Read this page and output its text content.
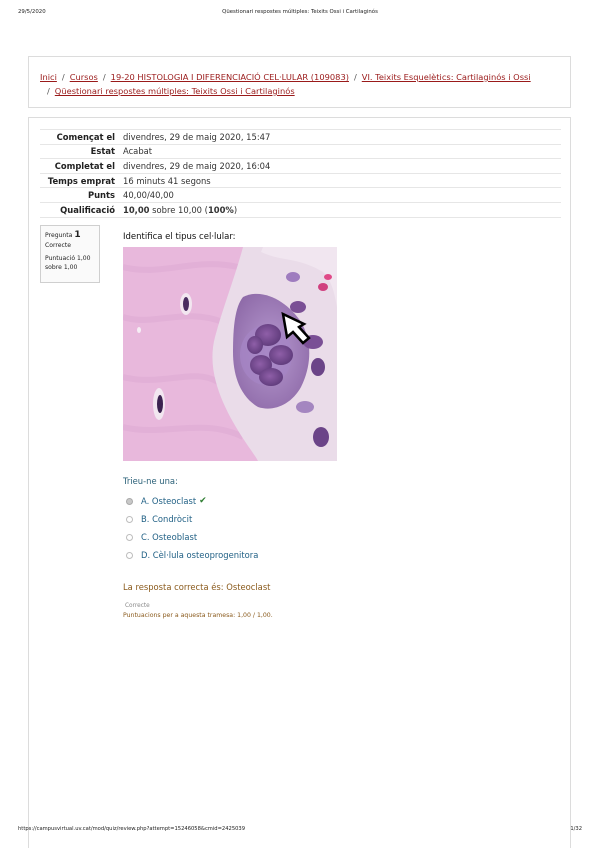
29/5/2020	Qüestionari respostes múltiples: Teixits Ossi i Cartilaginós
Inici / Cursos / 19-20 HISTOLOGIA I DIFERENCIACIÓ CEL·LULAR (109083) / VI. Teixits Esquelètics: Cartilaginós i Ossi
/ Qüestionari respostes múltiples: Teixits Ossi i Cartilaginós
Començat el	divendres, 29 de maig 2020, 15:47
Estat	Acabat
Completat el	divendres, 29 de maig 2020, 16:04
Temps emprat	16 minuts 41 segons
Punts	40,00/40,00
Qualificació	10,00 sobre 10,00 (100%)
Pregunta 1
Correcte
Puntuació 1,00 sobre 1,00
Identifica el tipus cel·lular:
Trieu-ne una:
A. Osteoclast ✔
B. Condròcit
C. Osteoblast
D. Cèl·lula osteoprogenitora
La resposta correcta és: Osteoclast
Correcte
Puntuacions per a aquesta tramesa: 1,00 / 1,00.
https://campusvirtual.uv.cat/mod/quiz/review.php?attempt=15246058&cmid=2425039	1/32
